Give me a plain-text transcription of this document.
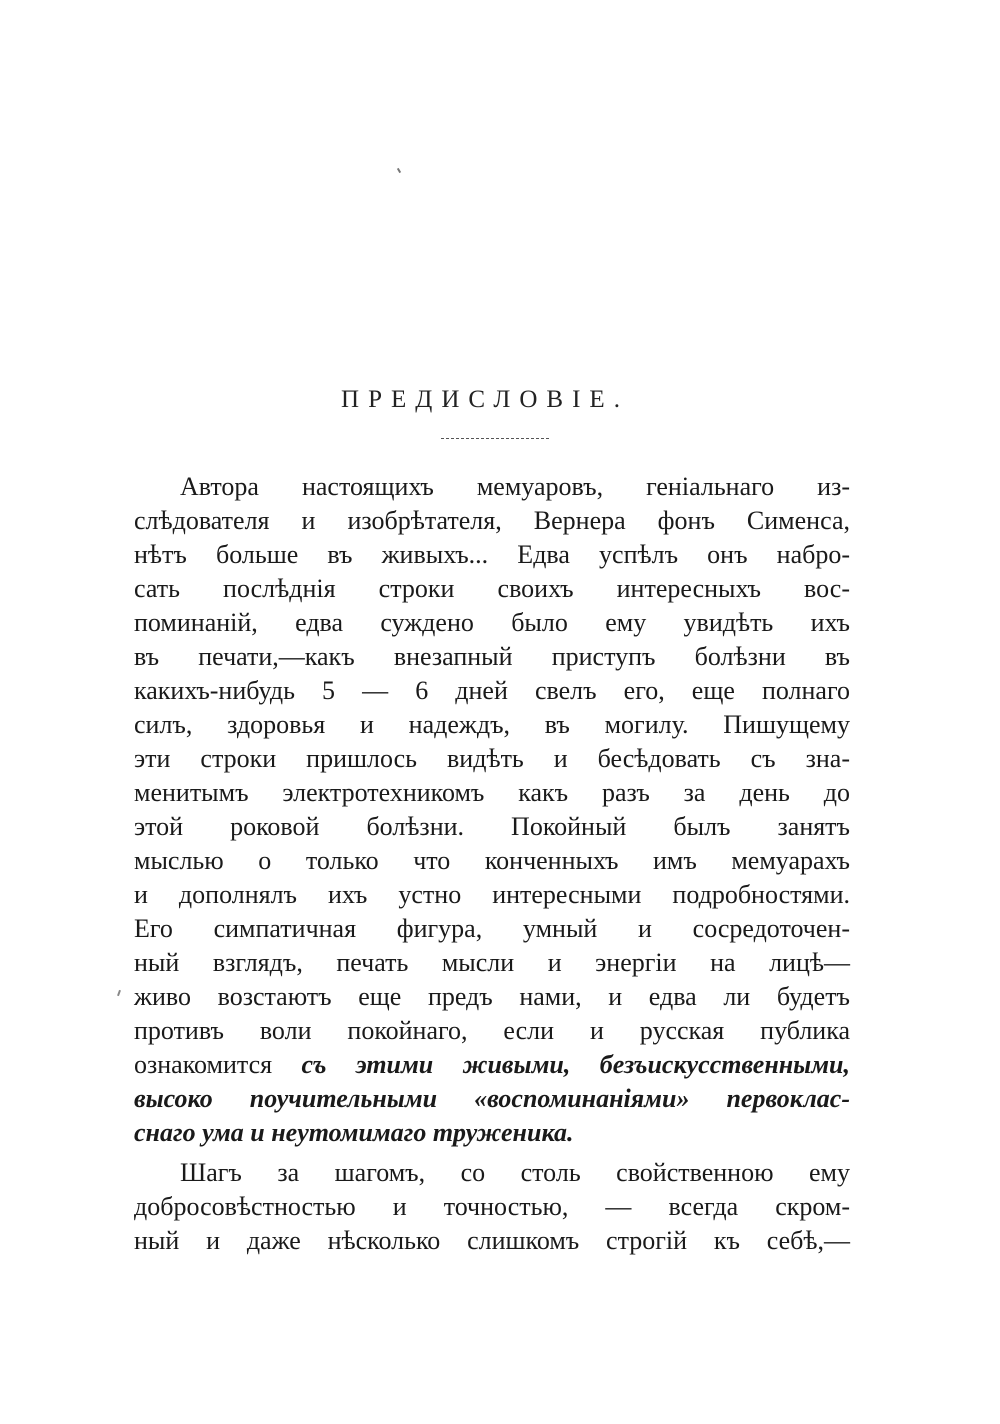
ПРЕДИСЛОВІЕ.
Автора настоящихъ мемуаровъ, геніальнаго из-
слѣдователя и изобрѣтателя, Вернера фонъ Сименса,
нѣтъ больше въ живыхъ... Едва успѣлъ онъ набро-
сать послѣднія строки своихъ интересныхъ вос-
поминаній, едва суждено было ему увидѣть ихъ
въ печати,—какъ внезапный приступъ болѣзни въ
какихъ-нибудь 5 — 6 дней свелъ его, еще полнаго
силъ, здоровья и надеждъ, въ могилу. Пишущему
эти строки пришлось видѣть и бесѣдовать съ зна-
менитымъ электротехникомъ какъ разъ за день до
этой роковой болѣзни. Покойный былъ занятъ
мыслью о только что конченныхъ имъ мемуарахъ
и дополнялъ ихъ устно интересными подробностями.
Его симпатичная фигура, умный и сосредоточен-
ный взглядъ, печать мысли и энергіи на лицѣ—
живо возстаютъ еще предъ нами, и едва ли будетъ
противъ воли покойнаго, если и русская публика
ознакомится съ этими живыми, безъискусственными,
высоко поучительными «воспоминаніями» первоклас-
снаго ума и неутомимаго труженика.
Шагъ за шагомъ, со столь свойственною ему
добросовѣстностью и точностью, — всегда скром-
ный и даже нѣсколько слишкомъ строгій къ себѣ,—
